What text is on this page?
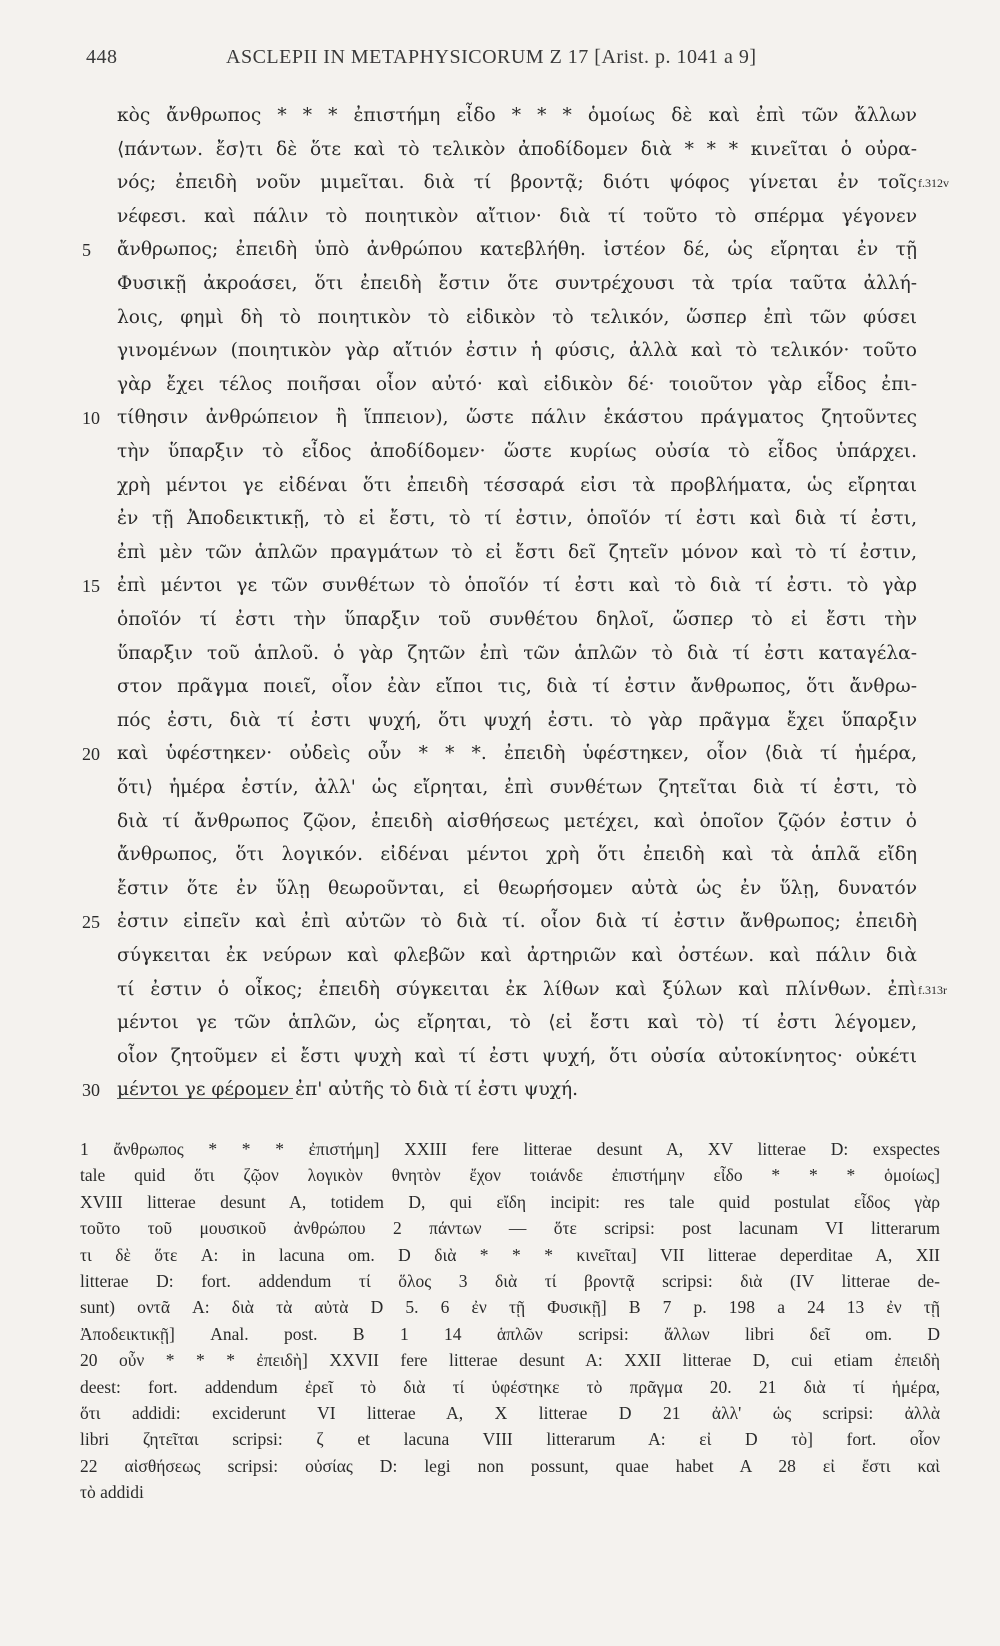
448	ASCLEPII IN METAPHYSICORUM Z 17 [Arist. p. 1041 a 9]
κὸς ἄνθρωπος * * * ἐπιστήμη εἶδο * * * ὁμοίως δὲ καὶ ἐπὶ τῶν ἄλλων
⟨πάντων. ἔσ⟩τι δὲ ὅτε καὶ τὸ τελικὸν ἀποδίδομεν διὰ * * * κινεῖται ὁ οὐρα-
νός; ἐπειδὴ νοῦν μιμεῖται. διὰ τί βροντᾷ; διότι ψόφος γίνεται ἐν τοῖς f.312v
νέφεσι. καὶ πάλιν τὸ ποιητικὸν αἴτιον· διὰ τί τοῦτο τὸ σπέρμα γέγονεν
5	ἄνθρωπος; ἐπειδὴ ὑπὸ ἀνθρώπου κατεβλήθη. ἰστέον δέ, ὡς εἴρηται ἐν τῇ
Φυσικῇ ἀκροάσει, ὅτι ἐπειδὴ ἔστιν ὅτε συντρέχουσι τὰ τρία ταῦτα ἀλλή-
λοις, φημὶ δὴ τὸ ποιητικὸν τὸ εἰδικὸν τὸ τελικόν, ὥσπερ ἐπὶ τῶν φύσει
γινομένων (ποιητικὸν γὰρ αἴτιόν ἐστιν ἡ φύσις, ἀλλὰ καὶ τὸ τελικόν· τοῦτο
γὰρ ἔχει τέλος ποιῆσαι οἷον αὐτό· καὶ εἰδικὸν δέ· τοιοῦτον γὰρ εἶδος ἐπι-
10 τίθησιν ἀνθρώπειον ἢ ἵππειον), ὥστε πάλιν ἑκάστου πράγματος ζητοῦντες
τὴν ὕπαρξιν τὸ εἶδος ἀποδίδομεν· ὥστε κυρίως οὐσία τὸ εἶδος ὑπάρχει.
χρὴ μέντοι γε εἰδέναι ὅτι ἐπειδὴ τέσσαρά εἰσι τὰ προβλήματα, ὡς εἴρηται
ἐν τῇ Ἀποδεικτικῇ, τὸ εἰ ἔστι, τὸ τί ἐστιν, ὁποῖόν τί ἐστι καὶ διὰ τί ἐστι,
ἐπὶ μὲν τῶν ἁπλῶν πραγμάτων τὸ εἰ ἔστι δεῖ ζητεῖν μόνον καὶ τὸ τί ἐστιν,
15 ἐπὶ μέντοι γε τῶν συνθέτων τὸ ὁποῖόν τί ἐστι καὶ τὸ διὰ τί ἐστι. τὸ γὰρ
ὁποῖόν τί ἐστι τὴν ὕπαρξιν τοῦ συνθέτου δηλοῖ, ὥσπερ τὸ εἰ ἔστι τὴν
ὕπαρξιν τοῦ ἁπλοῦ. ὁ γὰρ ζητῶν ἐπὶ τῶν ἁπλῶν τὸ διὰ τί ἐστι καταγέλα-
στον πρᾶγμα ποιεῖ, οἷον ἐὰν εἴποι τις, διὰ τί ἐστιν ἄνθρωπος, ὅτι ἄνθρω-
πός ἐστι, διὰ τί ἐστι ψυχή, ὅτι ψυχή ἐστι. τὸ γὰρ πρᾶγμα ἔχει ὕπαρξιν
20 καὶ ὑφέστηκεν· οὐδεὶς οὖν * * *. ἐπειδὴ ὑφέστηκεν, οἷον ⟨διὰ τί ἡμέρα,
ὅτι⟩ ἡμέρα ἐστίν, ἀλλ' ὡς εἴρηται, ἐπὶ συνθέτων ζητεῖται διὰ τί ἐστι, τὸ
διὰ τί ἄνθρωπος ζῷον, ἐπειδὴ αἰσθήσεως μετέχει, καὶ ὁποῖον ζῷόν ἐστιν ὁ
ἄνθρωπος, ὅτι λογικόν. εἰδέναι μέντοι χρὴ ὅτι ἐπειδὴ καὶ τὰ ἁπλᾶ εἴδη
ἔστιν ὅτε ἐν ὕλῃ θεωροῦνται, εἰ θεωρήσομεν αὐτὰ ὡς ἐν ὕλῃ, δυνατόν
25 ἐστιν εἰπεῖν καὶ ἐπὶ αὐτῶν τὸ διὰ τί. οἷον διὰ τί ἐστιν ἄνθρωπος; ἐπειδὴ
σύγκειται ἐκ νεύρων καὶ φλεβῶν καὶ ἀρτηριῶν καὶ ὀστέων. καὶ πάλιν διὰ
τί ἐστιν ὁ οἶκος; ἐπειδὴ σύγκειται ἐκ λίθων καὶ ξύλων καὶ πλίνθων. ἐπὶ f.313r
μέντοι γε τῶν ἁπλῶν, ὡς εἴρηται, τὸ ⟨εἰ ἔστι καὶ τὸ⟩ τί ἐστι λέγομεν,
οἷον ζητοῦμεν εἰ ἔστι ψυχὴ καὶ τί ἐστι ψυχή, ὅτι οὐσία αὐτοκίνητος· οὐκέτι
30 μέντοι γε φέρομεν ἐπ' αὐτῆς τὸ διὰ τί ἐστι ψυχή.
1 ἄνθρωπος * * * ἐπιστήμη] XXIII fere litterae desunt A, XV litterae D: exspectes
tale quid ὅτι ζῷον λογικὸν θνητὸν ἔχον τοιάνδε ἐπιστήμην εἶδο * * * ὁμοίως]
XVIII litterae desunt A, totidem D, qui εἴδη incipit: res tale quid postulat εἶδος γὰρ
τοῦτο τοῦ μουσικοῦ ἀνθρώπου 2 πάντων — ὅτε scripsi: post lacunam VI litterarum
τι δὲ ὅτε A: in lacuna om. D διὰ * * * κινεῖται] VII litterae deperditae A, XII
litterae D: fort. addendum τί ὅλος 3 διὰ τί βροντᾷ scripsi: διὰ (IV litterae de-
sunt) οντᾶ A: διὰ τὰ αὐτὰ D 5. 6 ἐν τῇ Φυσικῇ] B 7 p. 198 a 24 13 ἐν τῇ
Ἀποδεικτικῇ] Anal. post. B 1 14 ἁπλῶν scripsi: ἄλλων libri δεῖ om. D
20 οὖν * * * ἐπειδὴ] XXVII fere litterae desunt A: XXII litterae D, cui etiam ἐπειδὴ
deest: fort. addendum ἐρεῖ τὸ διὰ τί ὑφέστηκε τὸ πρᾶγμα 20. 21 διὰ τί ἡμέρα,
ὅτι addidi: exciderunt VI litterae A, X litterae D 21 ἀλλ' ὡς scripsi: ἀλλὰ
libri ζητεῖται scripsi: ζ et lacuna VIII litterarum A: εἰ D τὸ] fort. οἷον
22 αἰσθήσεως scripsi: οὐσίας D: legi non possunt, quae habet A 28 εἰ ἔστι καὶ
τὸ addidi
